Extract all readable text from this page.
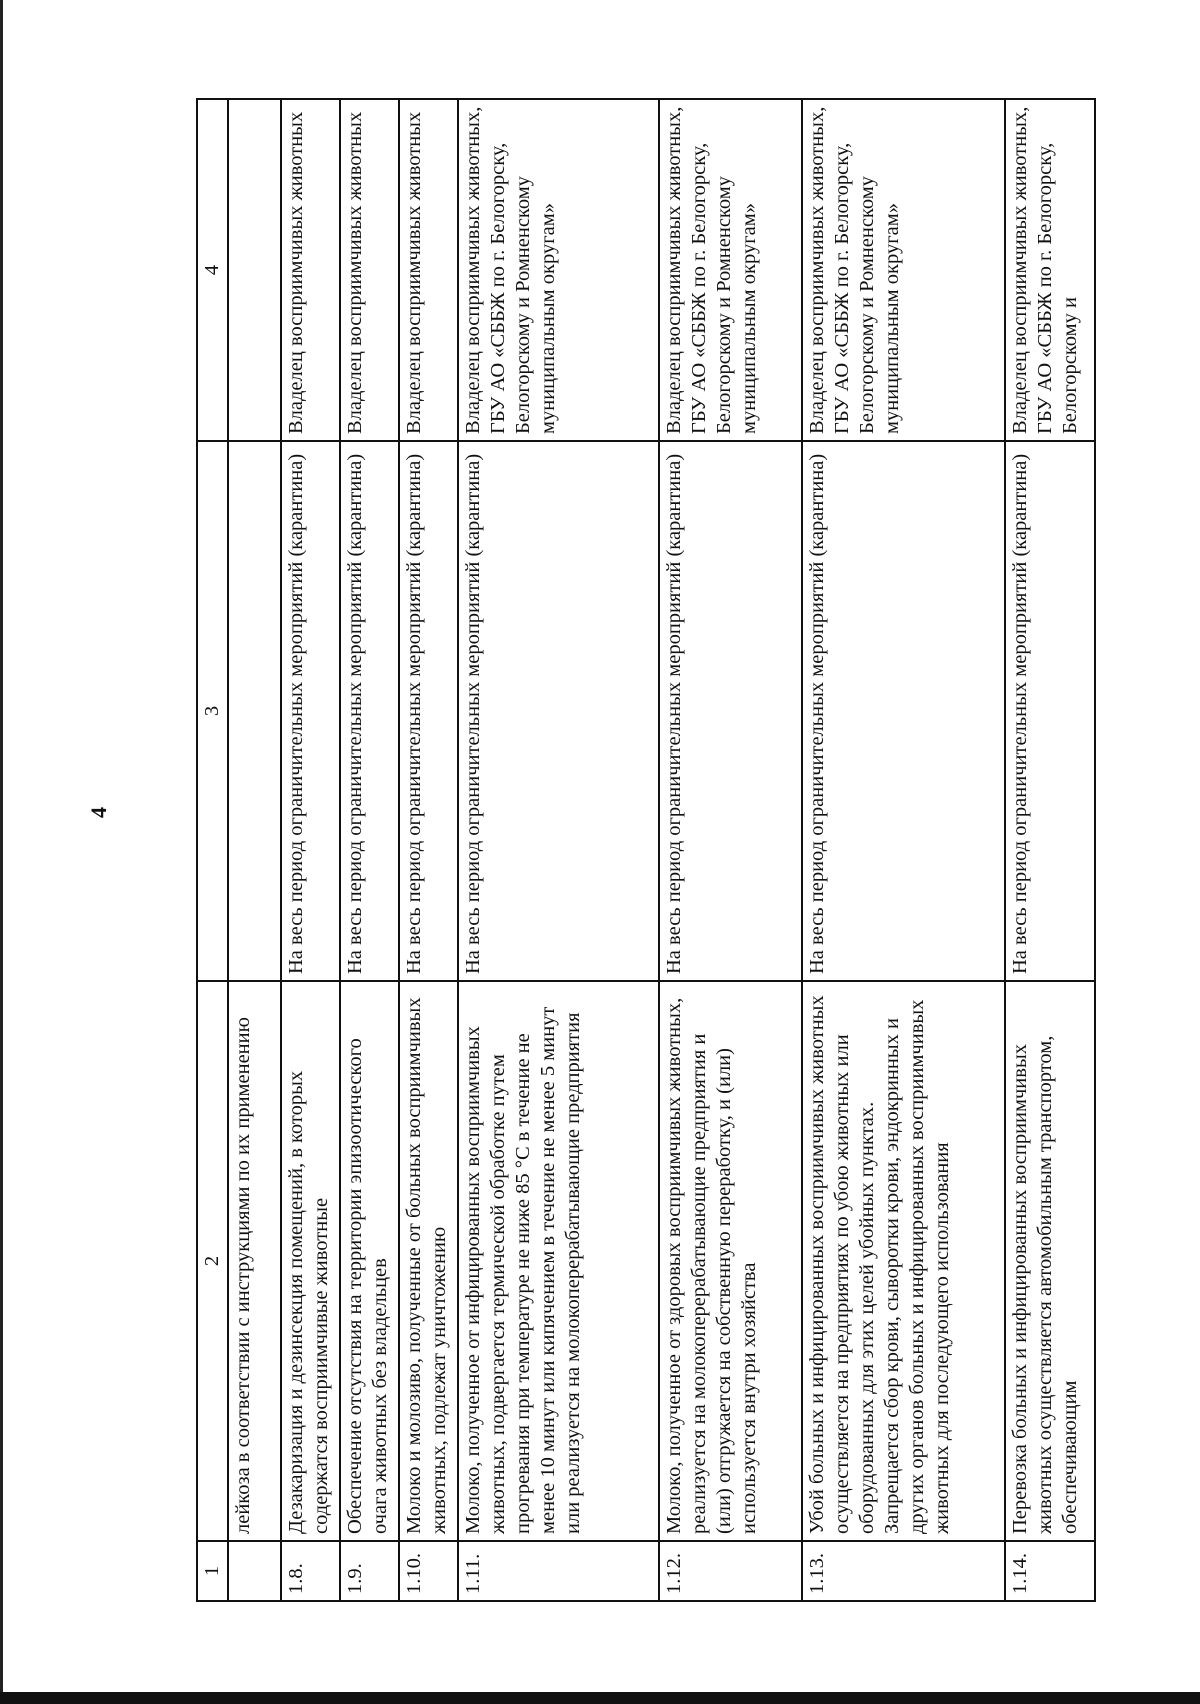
4
1	2	3	4
	лейкоза в соответствии с инструкциями по их применению		
1.8.	Дезакаризация и дезинсекция помещений, в которых содержатся восприимчивые животные	На весь период ограничительных мероприятий (карантина)	Владелец восприимчивых животных
1.9.	Обеспечение отсутствия на территории эпизоотического очага животных без владельцев	На весь период ограничительных мероприятий (карантина)	Владелец восприимчивых животных
1.10.	Молоко и молозиво, полученные от больных восприимчивых животных, подлежат уничтожению	На весь период ограничительных мероприятий (карантина)	Владелец восприимчивых животных
1.11.	Молоко, полученное от инфицированных восприимчивых животных, подвергается термической обработке путем прогревания при температуре не ниже 85 °С в течение не менее 10 минут или кипячением в течение не менее 5 минут или реализуется на молокоперерабатывающие предприятия	На весь период ограничительных мероприятий (карантина)	Владелец восприимчивых животных, ГБУ АО «СББЖ по г. Белогорску, Белогорскому и Ромненскому муниципальным округам»
1.12.	Молоко, полученное от здоровых восприимчивых животных, реализуется на молокоперерабатывающие предприятия и (или) отгружается на собственную переработку, и (или) используется внутри хозяйства	На весь период ограничительных мероприятий (карантина)	Владелец восприимчивых животных, ГБУ АО «СББЖ по г. Белогорску, Белогорскому и Ромненскому муниципальным округам»
1.13.	Убой больных и инфицированных восприимчивых животных осуществляется на предприятиях по убою животных или оборудованных для этих целей убойных пунктах. Запрещается сбор крови, сыворотки крови, эндокринных и других органов больных и инфицированных восприимчивых животных для последующего использования	На весь период ограничительных мероприятий (карантина)	Владелец восприимчивых животных, ГБУ АО «СББЖ по г. Белогорску, Белогорскому и Ромненскому муниципальным округам»
1.14.	Перевозка больных и инфицированных восприимчивых животных осуществляется автомобильным транспортом, обеспечивающим	На весь период ограничительных мероприятий (карантина)	Владелец восприимчивых животных, ГБУ АО «СББЖ по г. Белогорску, Белогорскому и
